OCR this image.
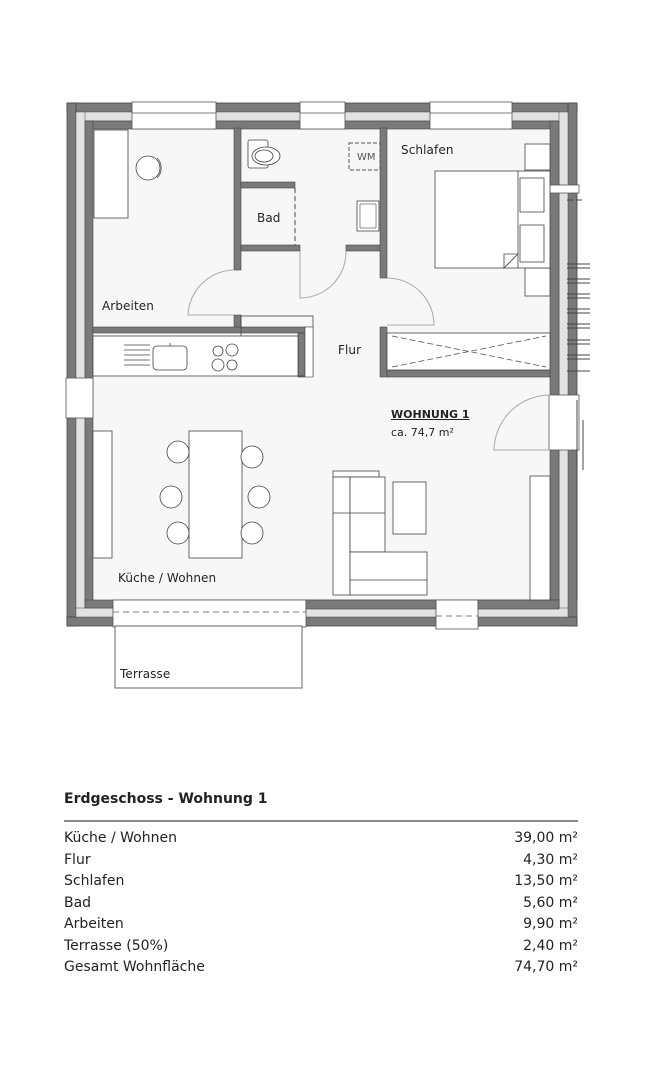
Arbeiten
Bad
Schlafen
Flur
Küche / Wohnen
Terrasse
WM
WOHNUNG 1
ca. 74,7 m²
Erdgeschoss - Wohnung 1
Küche / Wohnen	39,00 m²
Flur	4,30 m²
Schlafen	13,50 m²
Bad	5,60 m²
Arbeiten	9,90 m²
Terrasse (50%)	2,40 m²
Gesamt Wohnfläche	74,70 m²
